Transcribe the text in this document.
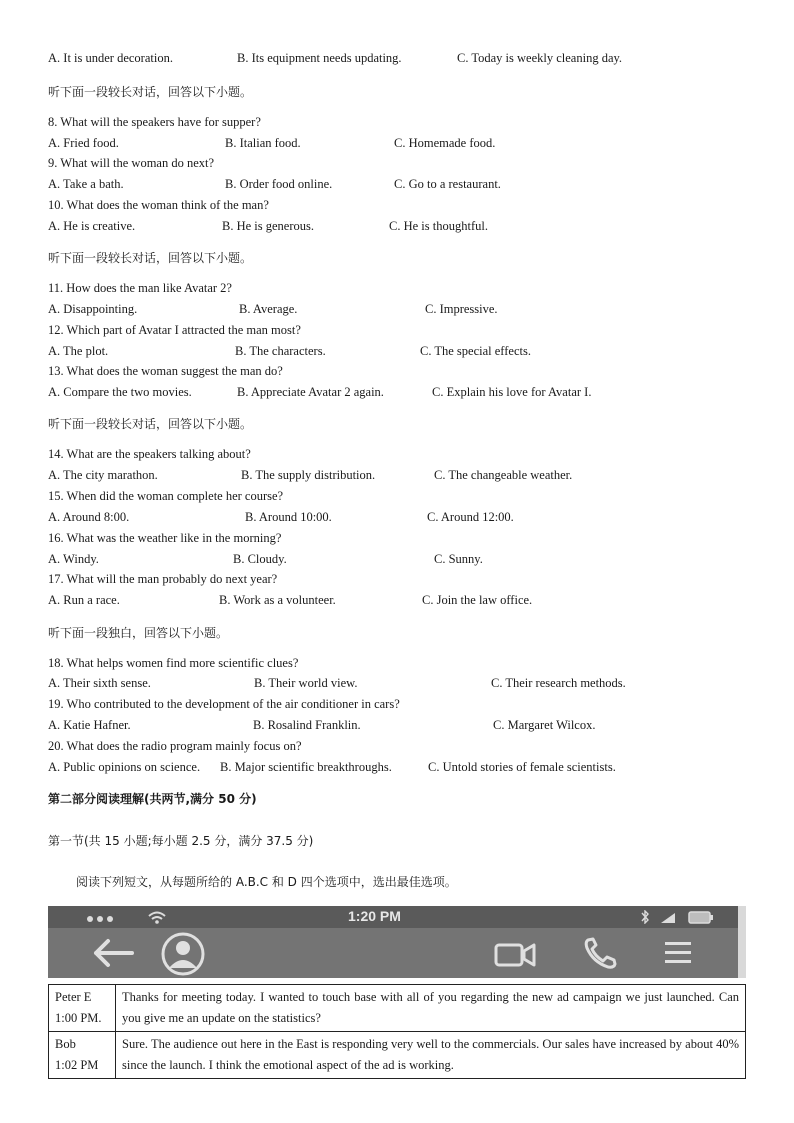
A. It is under decoration.	B. Its equipment needs updating.	C. Today is weekly cleaning day.
听下面一段较长对话，回答以下小题。
8. What will the speakers have for supper?
A. Fried food.	B. Italian food.	C. Homemade food.
9. What will the woman do next?
A. Take a bath.	B. Order food online.	C. Go to a restaurant.
10. What does the woman think of the man?
A. He is creative.	B. He is generous.	C. He is thoughtful.
听下面一段较长对话，回答以下小题。
11. How does the man like Avatar 2?
A. Disappointing.	B. Average.	C. Impressive.
12. Which part of Avatar I attracted the man most?
A. The plot.	B. The characters.	C. The special effects.
13. What does the woman suggest the man do?
A. Compare the two movies.	B. Appreciate Avatar 2 again.	C. Explain his love for Avatar I.
听下面一段较长对话，回答以下小题。
14. What are the speakers talking about?
A. The city marathon.	B. The supply distribution.	C. The changeable weather.
15. When did the woman complete her course?
A. Around 8:00.	B. Around 10:00.	C. Around 12:00.
16. What was the weather like in the morning?
A. Windy.	B. Cloudy.	C. Sunny.
17. What will the man probably do next year?
A. Run a race.	B. Work as a volunteer.	C. Join the law office.
听下面一段独白，回答以下小题。
18. What helps women find more scientific clues?
A. Their sixth sense.	B. Their world view.	C. Their research methods.
19. Who contributed to the development of the air conditioner in cars?
A. Katie Hafner.	B. Rosalind Franklin.	C. Margaret Wilcox.
20. What does the radio program mainly focus on?
A. Public opinions on science. B. Major scientific breakthroughs.	C. Untold stories of female scientists.
第二部分阅读理解(共两节,满分 50 分)
第一节(共 15 小题;每小题 2.5 分，满分 37.5 分)
阅读下列短文，从每题所给的 A.B.C 和 D 四个选项中，选出最佳选项。
1:20 PM
Peter E
1:00 PM.	Thanks for meeting today. I wanted to touch base with all of you regarding the new ad campaign we just launched. Can you give me an update on the statistics?

Bob
1:02 PM	Sure. The audience out here in the East is responding very well to the commercials. Our sales have increased by about 40% since the launch. I think the emotional aspect of the ad is working.
